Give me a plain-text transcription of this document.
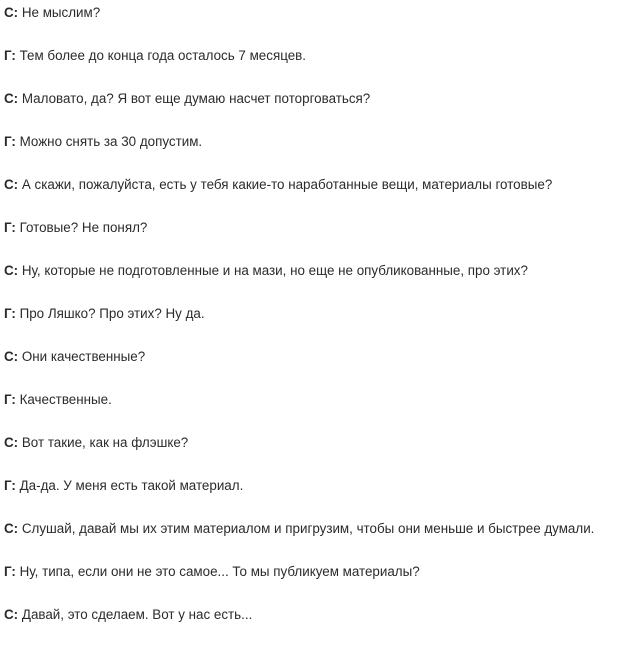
С: Не мыслим?
Г: Тем более до конца года осталось 7 месяцев.
С: Маловато, да? Я вот еще думаю насчет поторговаться?
Г: Можно снять за 30 допустим.
С: А скажи, пожалуйста, есть у тебя какие-то наработанные вещи, материалы готовые?
Г: Готовые? Не понял?
С: Ну, которые не подготовленные и на мази, но еще не опубликованные, про этих?
Г: Про Ляшко? Про этих? Ну да.
С: Они качественные?
Г: Качественные.
С: Вот такие, как на флэшке?
Г: Да-да. У меня есть такой материал.
С: Слушай, давай мы их этим материалом и пригрузим, чтобы они меньше и быстрее думали.
Г: Ну, типа, если они не это самое... То мы публикуем материалы?
С: Давай, это сделаем. Вот у нас есть...
